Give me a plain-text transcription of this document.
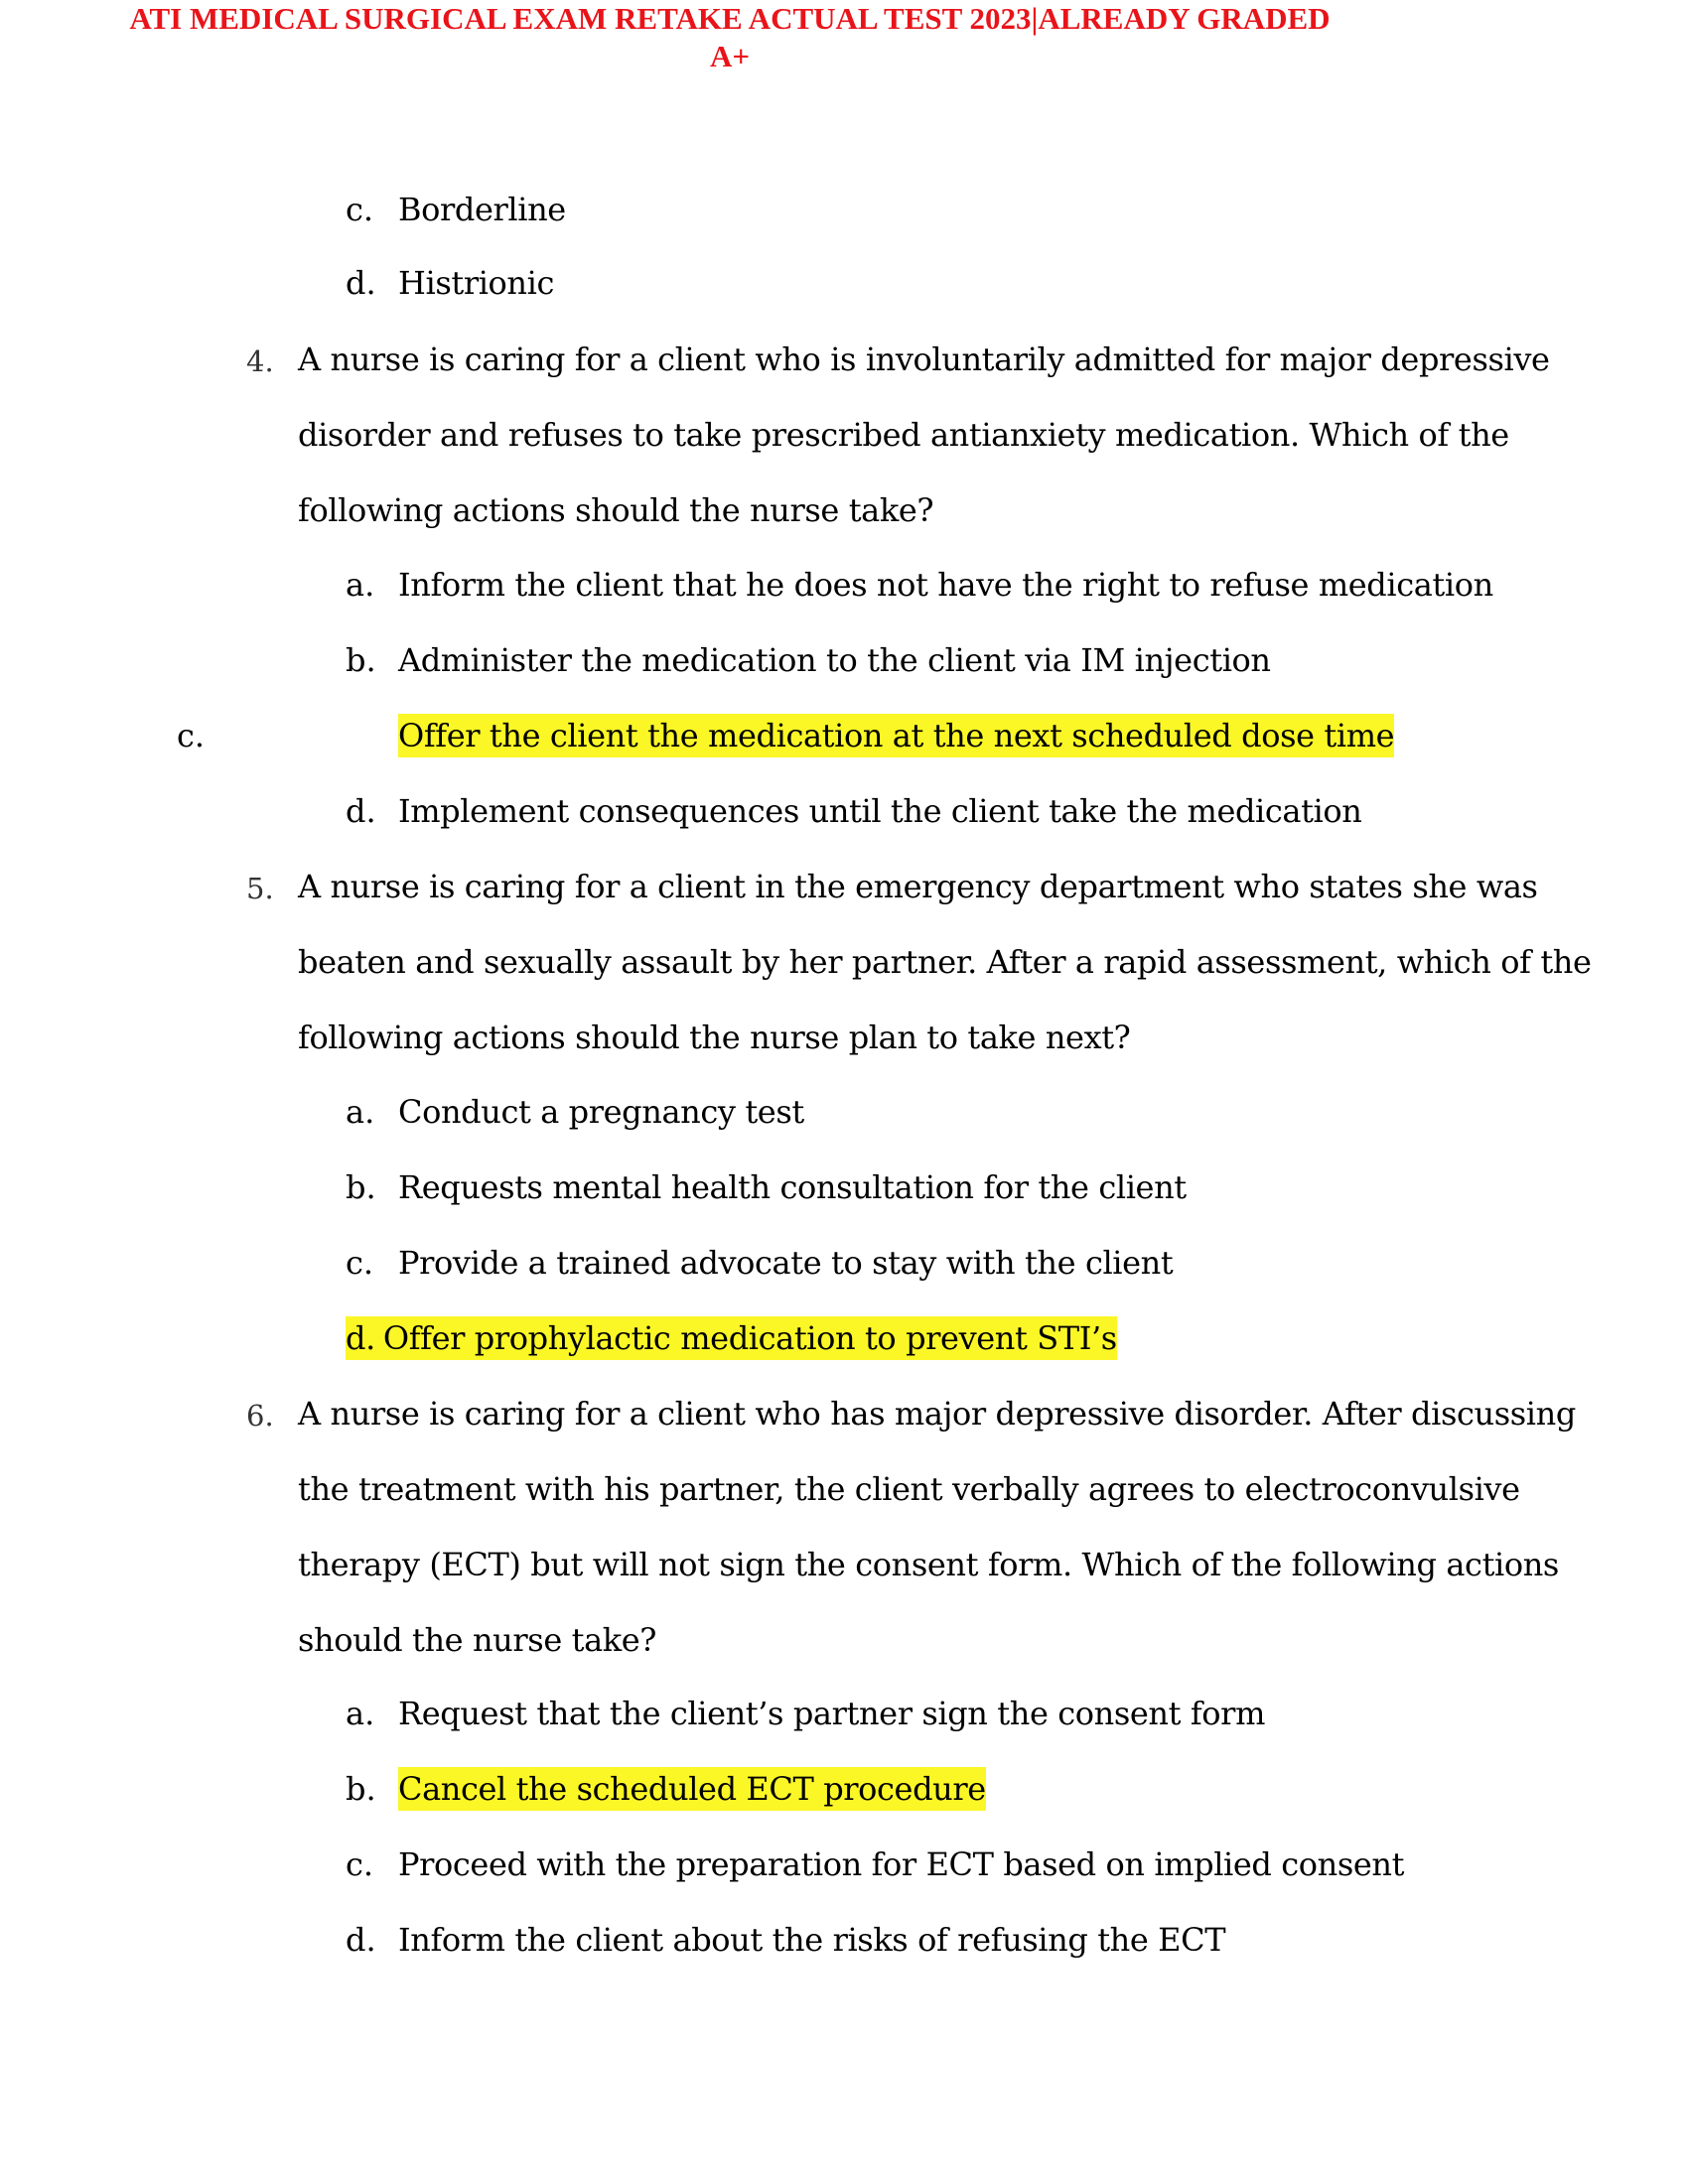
ATI MEDICAL SURGICAL EXAM RETAKE ACTUAL TEST 2023|ALREADY GRADED
A+
c. Borderline
d. Histrionic
4. A nurse is caring for a client who is involuntarily admitted for major depressive
disorder and refuses to take prescribed antianxiety medication. Which of the
following actions should the nurse take?
a. Inform the client that he does not have the right to refuse medication
b. Administer the medication to the client via IM injection
c.	Offer the client the medication at the next scheduled dose time
d. Implement consequences until the client take the medication
5. A nurse is caring for a client in the emergency department who states she was
beaten and sexually assault by her partner. After a rapid assessment, which of the
following actions should the nurse plan to take next?
a. Conduct a pregnancy test
b. Requests mental health consultation for the client
c. Provide a trained advocate to stay with the client
d. Offer prophylactic medication to prevent STI’s
6. A nurse is caring for a client who has major depressive disorder. After discussing
the treatment with his partner, the client verbally agrees to electroconvulsive
therapy (ECT) but will not sign the consent form. Which of the following actions
should the nurse take?
a. Request that the client’s partner sign the consent form
b. Cancel the scheduled ECT procedure
c. Proceed with the preparation for ECT based on implied consent
d. Inform the client about the risks of refusing the ECT
